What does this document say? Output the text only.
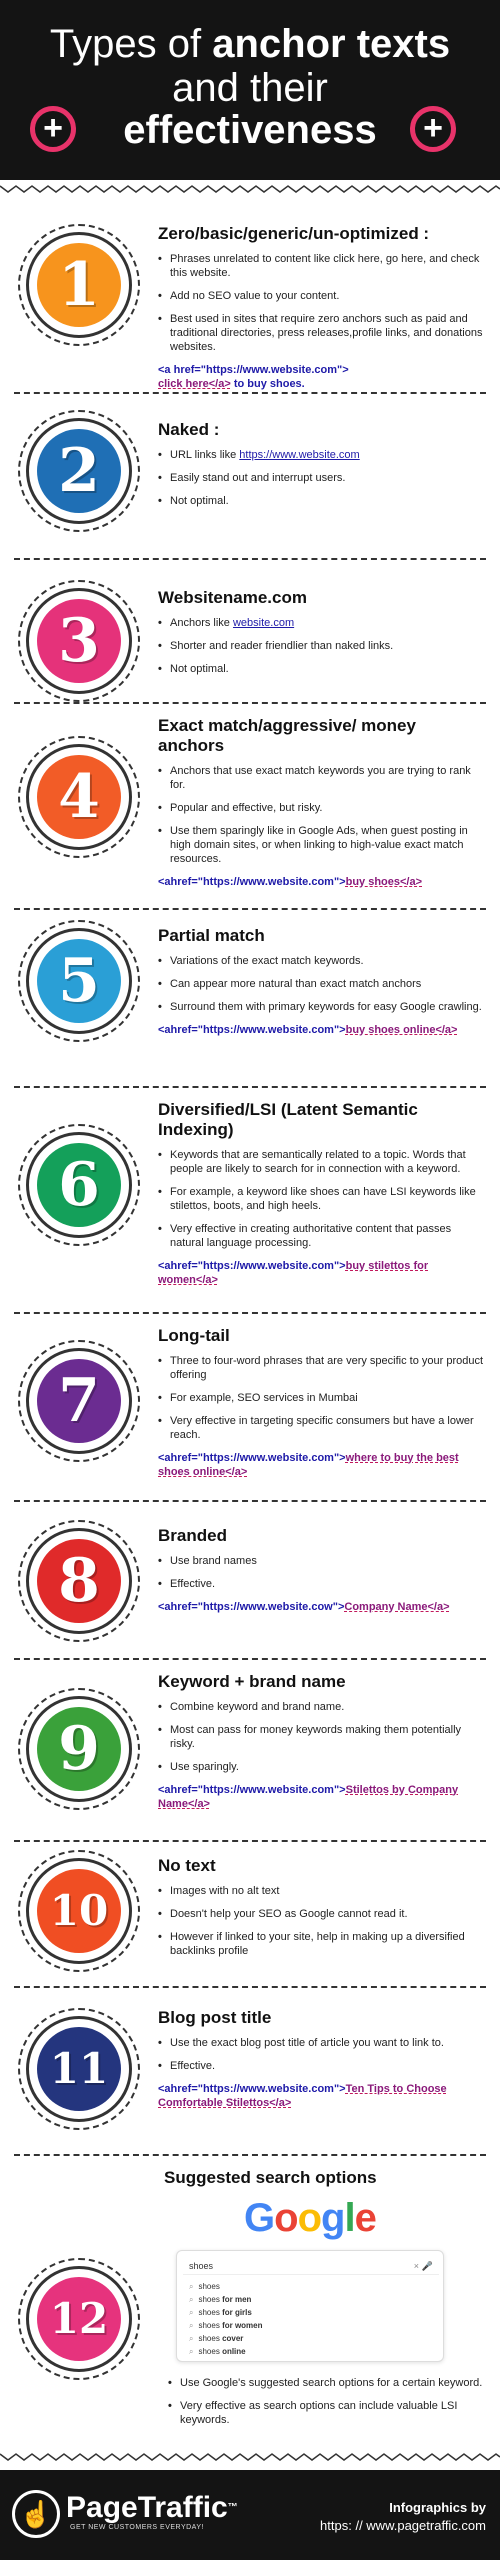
Types of anchor texts
and their
effectiveness
+	+
1
Zero/basic/generic/un-optimized :
• Phrases unrelated to content like click here, go here, and check this website.
• Add no SEO value to your content.
• Best used in sites that require zero anchors such as paid and traditional directories, press releases,profile links, and donations websites.
<a href="https://www.website.com">
click here</a> to buy shoes.
2
Naked :
• URL links like https://www.website.com
• Easily stand out and interrupt users.
• Not optimal.
3
Websitename.com
• Anchors like website.com
• Shorter and reader friendlier than naked links.
• Not optimal.
4
Exact match/aggressive/ money anchors
• Anchors that use exact match keywords you are trying to rank for.
• Popular and effective, but risky.
• Use them sparingly like in Google Ads, when guest posting in high domain sites, or when linking to high-value exact match resources.
<ahref="https://www.website.com">buy shoes</a>
5
Partial match
• Variations of the exact match keywords.
• Can appear more natural than exact match anchors
• Surround them with primary keywords for easy Google crawling.
<ahref="https://www.website.com">buy shoes online</a>
6
Diversified/LSI (Latent Semantic Indexing)
• Keywords that are semantically related to a topic. Words that people are likely to search for in connection with a keyword.
• For example, a keyword like shoes can have LSI keywords like stilettos, boots, and high heels.
• Very effective in creating authoritative content that passes natural language processing.
<ahref="https://www.website.com">buy stilettos for women</a>
7
Long-tail
• Three to four-word phrases that are very specific to your product offering
• For example, SEO services in Mumbai
• Very effective in targeting specific consumers but have a lower reach.
<ahref="https://www.website.com">where to buy the best shoes online</a>
8
Branded
• Use brand names
• Effective.
<ahref="https://www.website.cow">Company Name</a>
9
Keyword + brand name
• Combine keyword and brand name.
• Most can pass for money keywords making them potentially risky.
• Use sparingly.
<ahref="https://www.website.com">Stilettos by Company Name</a>
10
No text
• Images with no alt text
• Doesn't help your SEO as Google cannot read it.
• However if linked to your site, help in making up a diversified backlinks profile
11
Blog post title
• Use the exact blog post title of article you want to link to.
• Effective.
<ahref="https://www.website.com">Ten Tips to Choose Comfortable Stilettos</a>
Suggested search options
Google
shoes	× 🎤
⌕ shoes
⌕ shoes for men
⌕ shoes for girls
⌕ shoes for women
⌕ shoes cover
⌕ shoes online
12
• Use Google's suggested search options for a certain keyword.
• Very effective as search options can include valuable LSI keywords.
☝ PageTraffic™
GET NEW CUSTOMERS EVERYDAY!
Infographics by
https: // www.pagetraffic.com
